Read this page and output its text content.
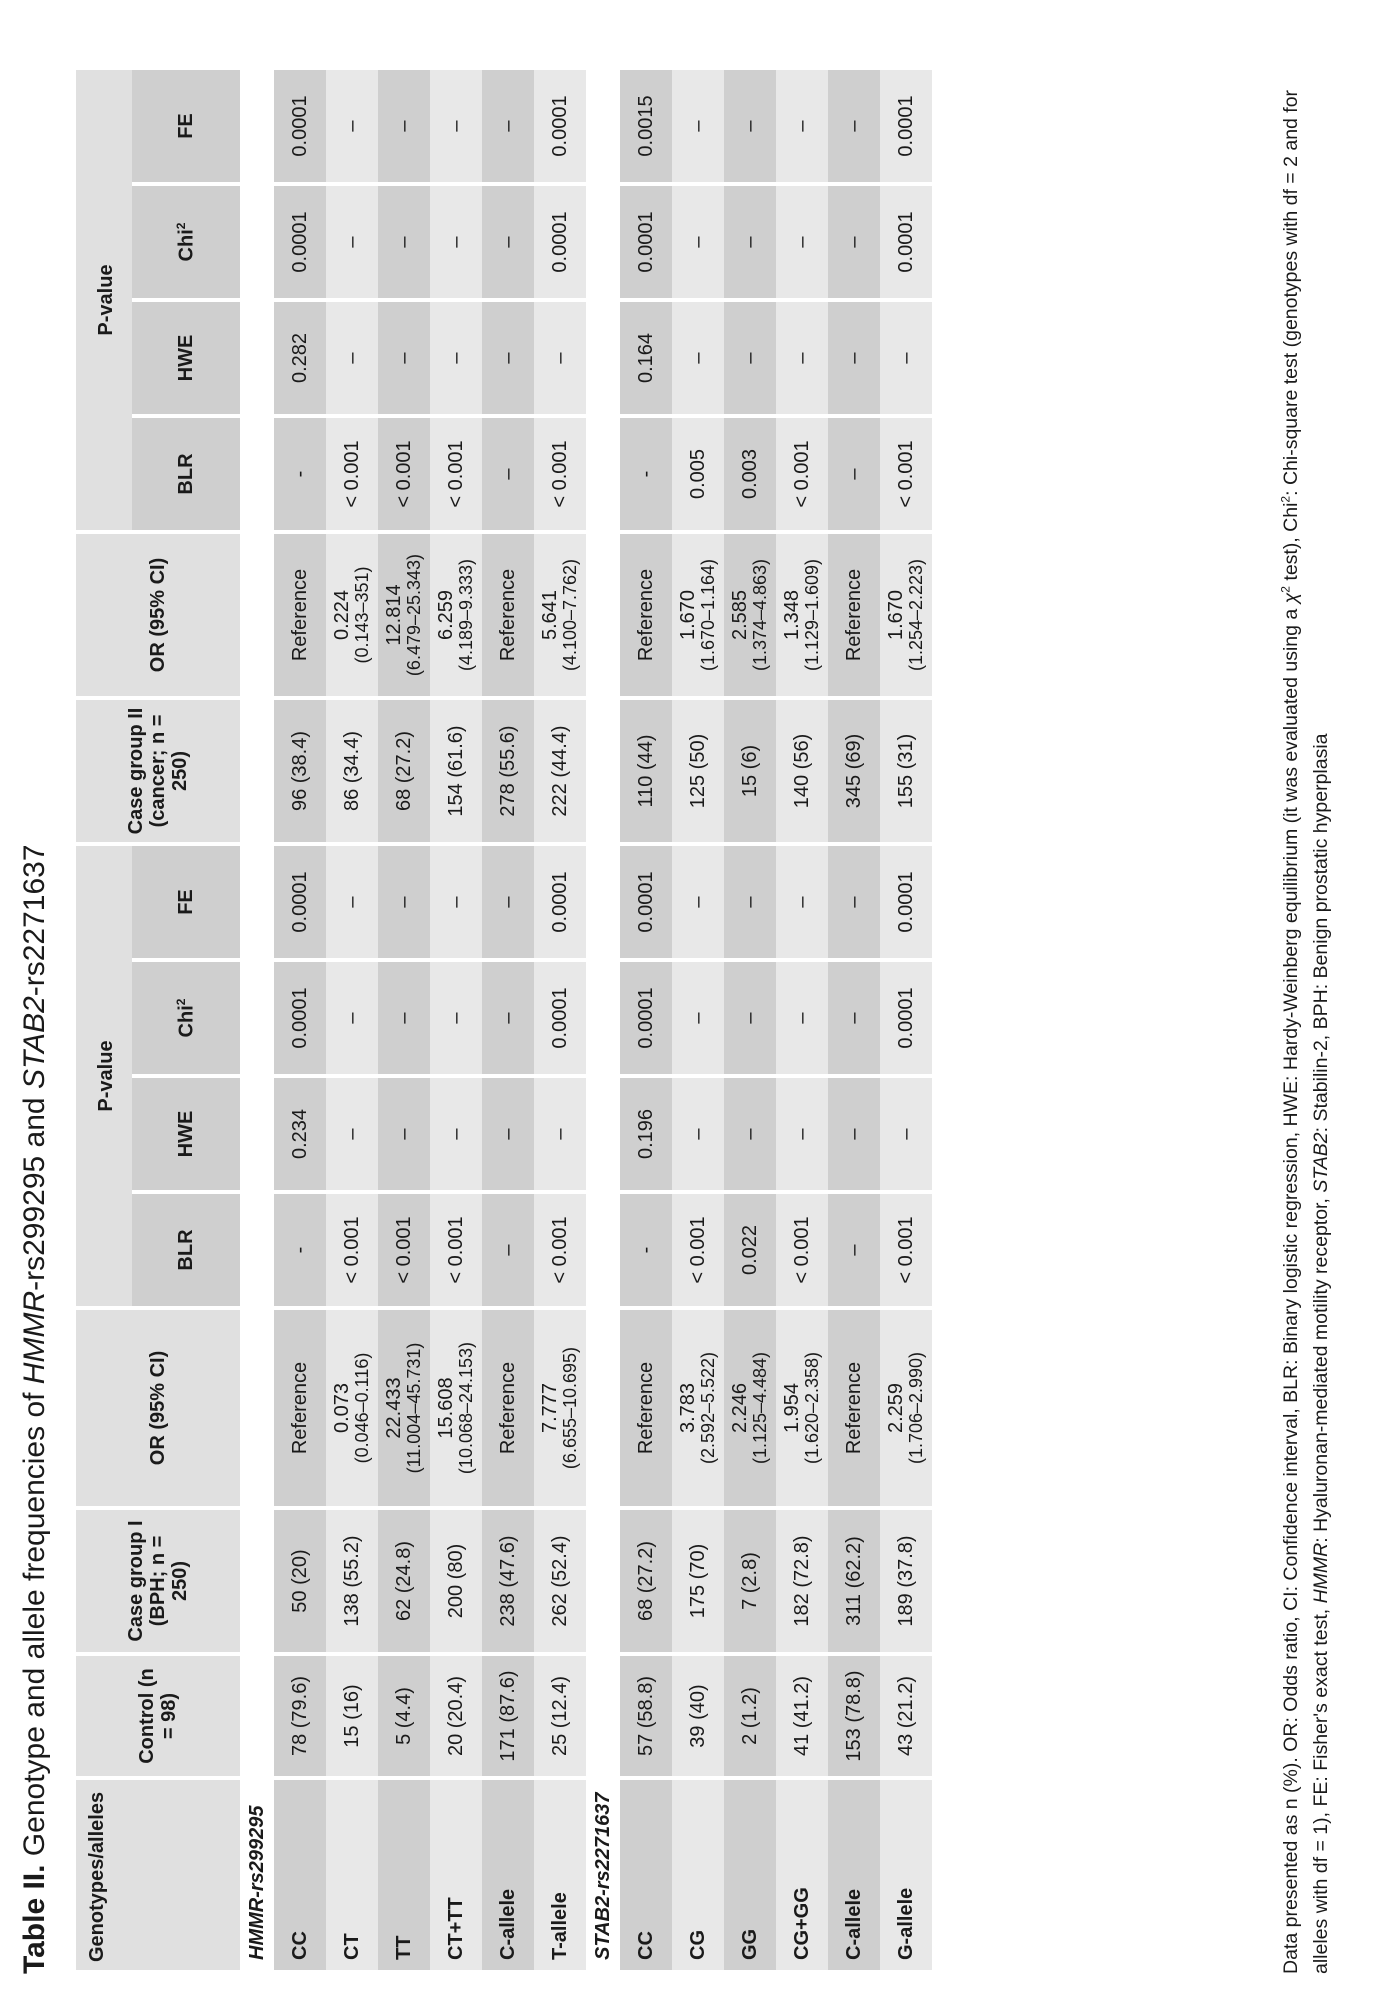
Table II. Genotype and allele frequencies of HMMR-rs299295 and STAB2-rs2271637
Genotypes/alleles	Control (n = 98)	Case group I (BPH; n = 250)	OR (95% CI)	P-value				Case group II (cancer; n = 250)	OR (95% CI)	P-value			
				BLR	HWE	Chi$^2$	FE			BLR	HWE	Chi$^2$	FE
HMMR-rs299295													
CC	78 (79.6)	50 (20)	Reference	-	0.234	0.0001	0.0001	96 (38.4)	Reference	-	0.282	0.0001	0.0001
CT	15 (16)	138 (55.2)	0.073 (0.046–0.116)	< 0.001	–	–	–	86 (34.4)	0.224 (0.143–351)	< 0.001	–	–	–
TT	5 (4.4)	62 (24.8)	22.433 (11.004–45.731)	< 0.001	–	–	–	68 (27.2)	12.814 (6.479–25.343)	< 0.001	–	–	–
CT+TT	20 (20.4)	200 (80)	15.608 (10.068–24.153)	< 0.001	–	–	–	154 (61.6)	6.259 (4.189–9.333)	< 0.001	–	–	–
C-allele	171 (87.6)	238 (47.6)	Reference	–	–	–	–	278 (55.6)	Reference	–	–	–	–
T-allele	25 (12.4)	262 (52.4)	7.777 (6.655–10.695)	< 0.001	–	0.0001	0.0001	222 (44.4)	5.641 (4.100–7.762)	< 0.001	–	0.0001	0.0001
STAB2-rs2271637													
CC	57 (58.8)	68 (27.2)	Reference	-	0.196	0.0001	0.0001	110 (44)	Reference	-	0.164	0.0001	0.0015
CG	39 (40)	175 (70)	3.783 (2.592–5.522)	< 0.001	–	–	–	125 (50)	1.670 (1.670–1.164)	0.005	–	–	–
GG	2 (1.2)	7 (2.8)	2.246 (1.125–4.484)	0.022	–	–	–	15 (6)	2.585 (1.374–4.863)	0.003	–	–	–
CG+GG	41 (41.2)	182 (72.8)	1.954 (1.620–2.358)	< 0.001	–	–	–	140 (56)	1.348 (1.129–1.609)	< 0.001	–	–	–
C-allele	153 (78.8)	311 (62.2)	Reference	–	–	–	–	345 (69)	Reference	–	–	–	–
G-allele	43 (21.2)	189 (37.8)	2.259 (1.706–2.990)	< 0.001	–	0.0001	0.0001	155 (31)	1.670 (1.254–2.223)	< 0.001	–	0.0001	0.0001
Data presented as n (%). OR: Odds ratio, CI: Confidence interval, BLR: Binary logistic regression, HWE: Hardy-Weinberg equilibrium (it was evaluated using a $\chi^2$ test), Chi$^2$: Chi-square test (genotypes with df = 2 and for alleles with df = 1), FE: Fisher's exact test, HMMR: Hyaluronan-mediated motility receptor, STAB2: Stabilin-2, BPH: Benign prostatic hyperplasia
